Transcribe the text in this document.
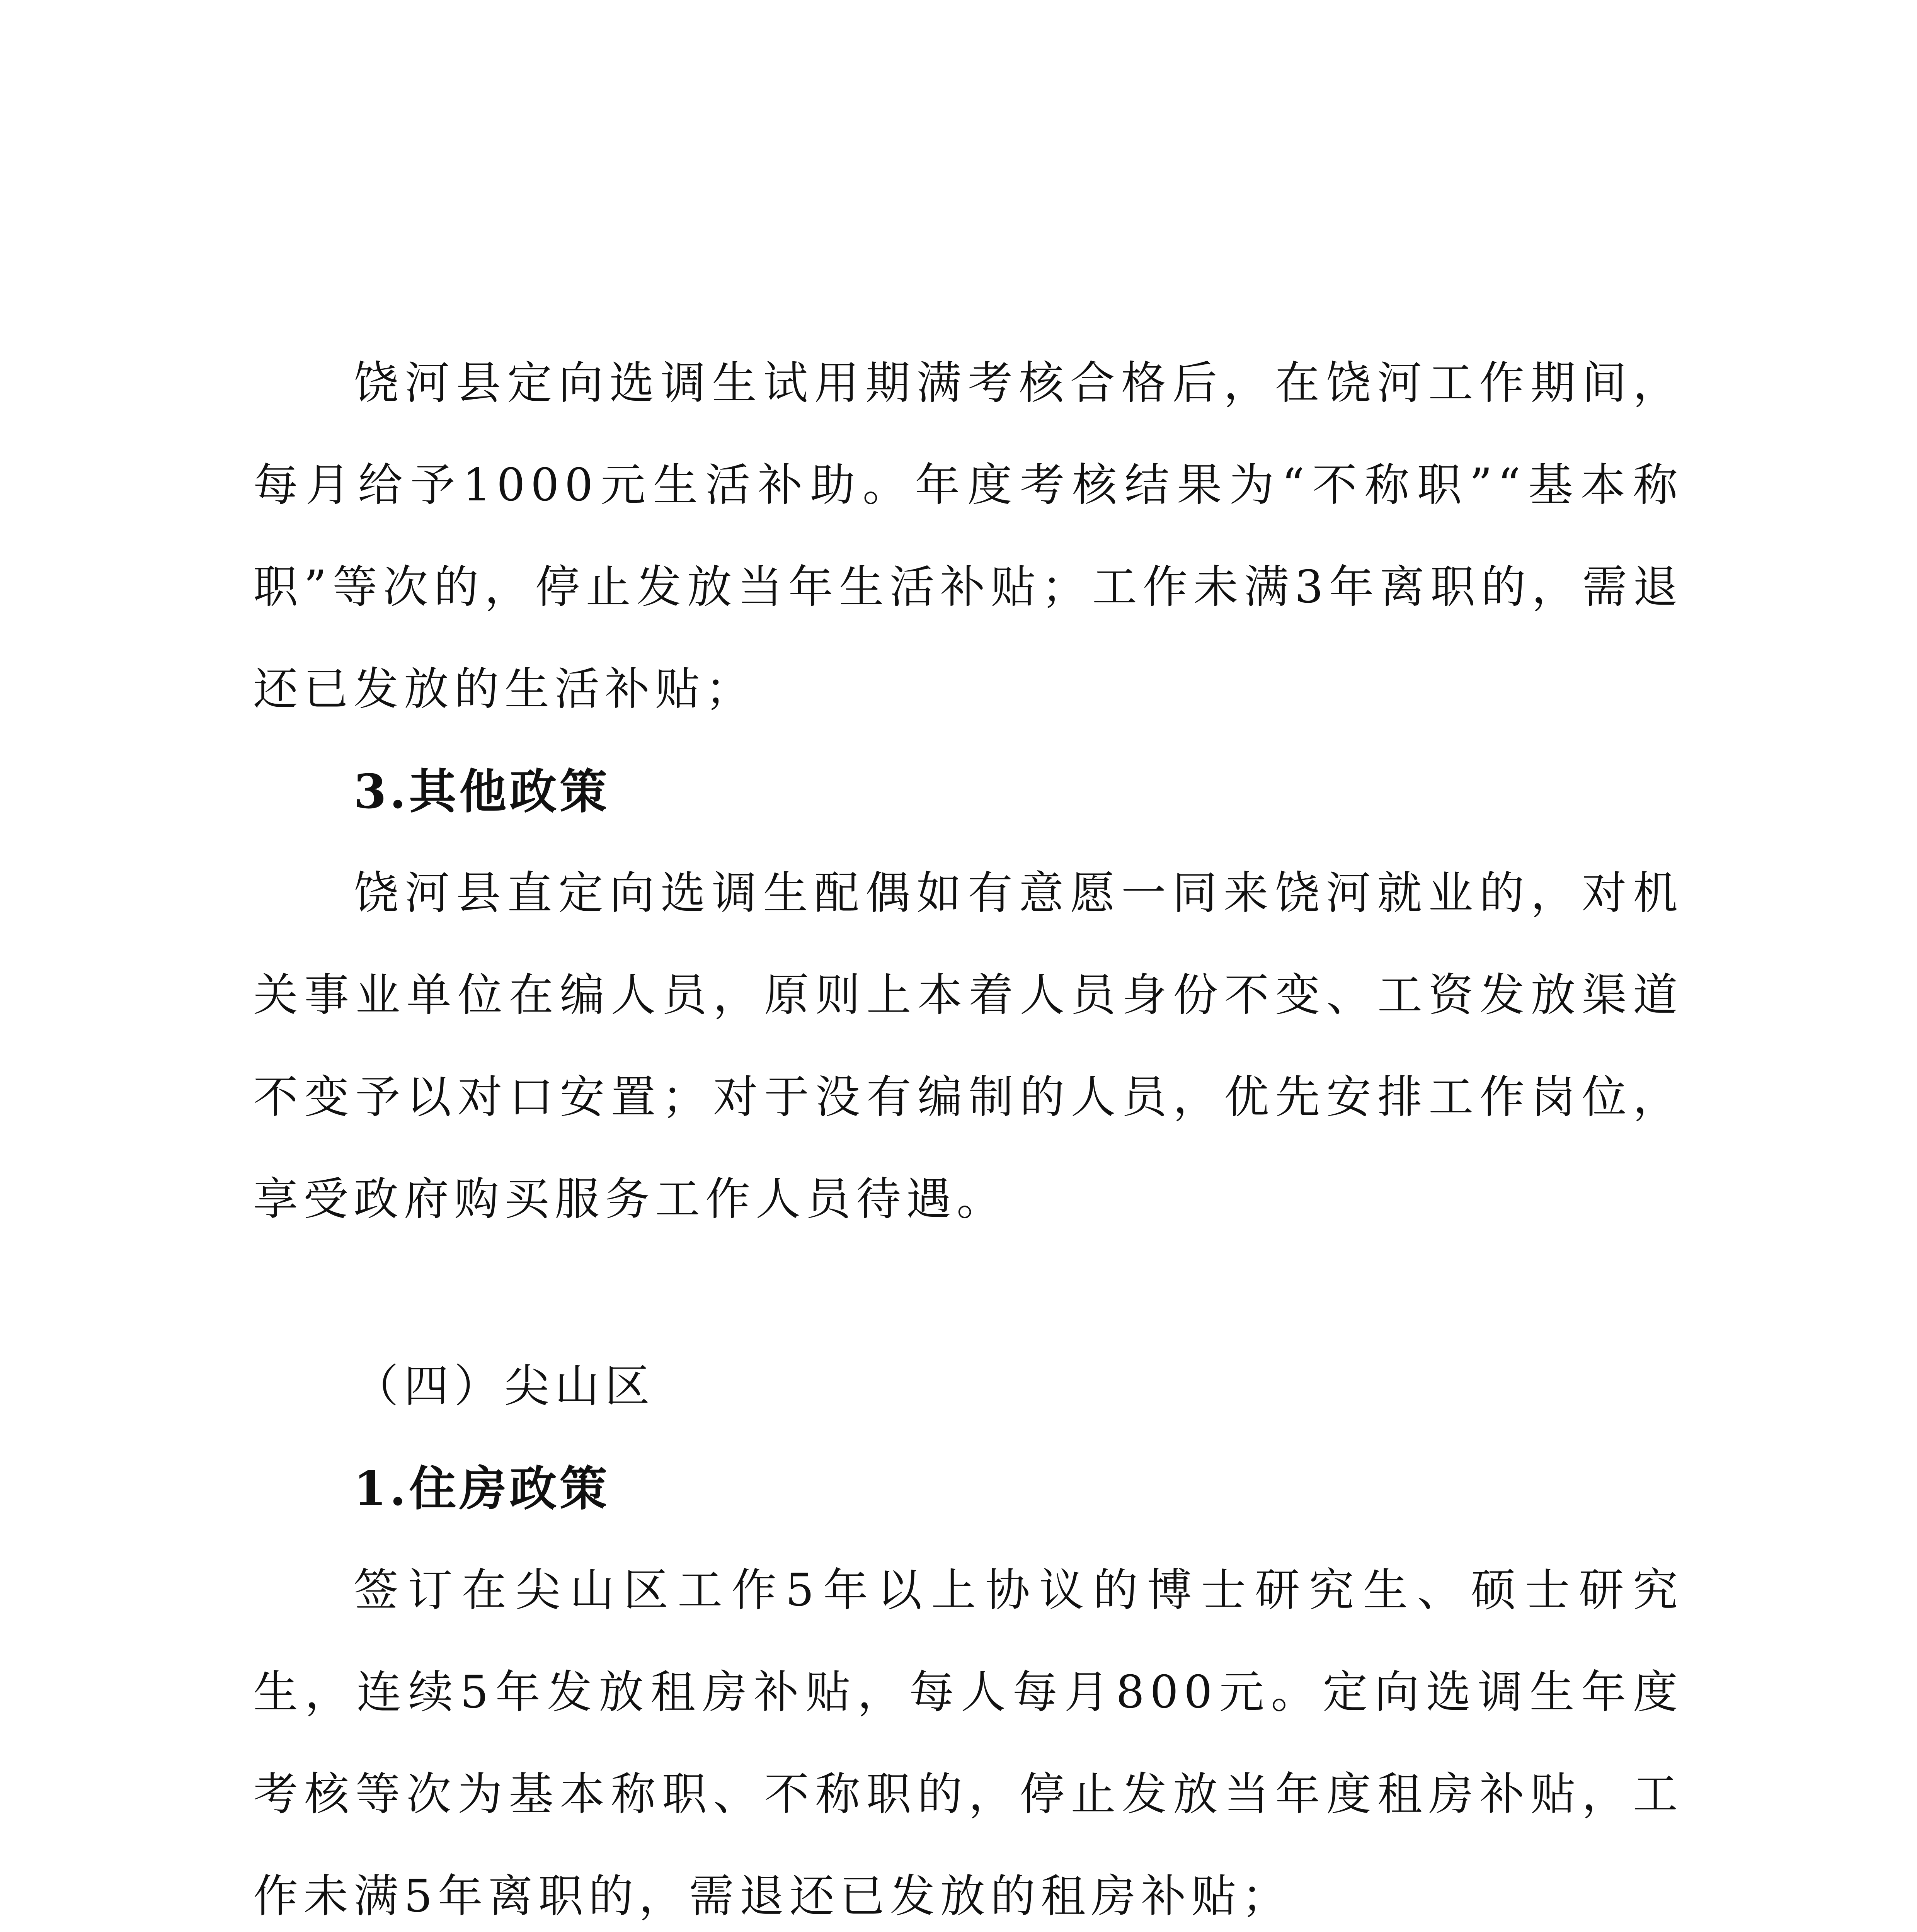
饶河县定向选调生试用期满考核合格后，在饶河工作期间，每月给予1000元生活补助。年度考核结果为“不称职”“基本称职”等次的，停止发放当年生活补贴；工作未满3年离职的，需退还已发放的生活补贴；

3.其他政策

饶河县直定向选调生配偶如有意愿一同来饶河就业的，对机关事业单位在编人员，原则上本着人员身份不变、工资发放渠道不变予以对口安置；对于没有编制的人员，优先安排工作岗位，享受政府购买服务工作人员待遇。

（四）尖山区

1.住房政策

签订在尖山区工作5年以上协议的博士研究生、硕士研究生，连续5年发放租房补贴，每人每月800元。定向选调生年度考核等次为基本称职、不称职的，停止发放当年度租房补贴，工作未满5年离职的，需退还已发放的租房补贴；
